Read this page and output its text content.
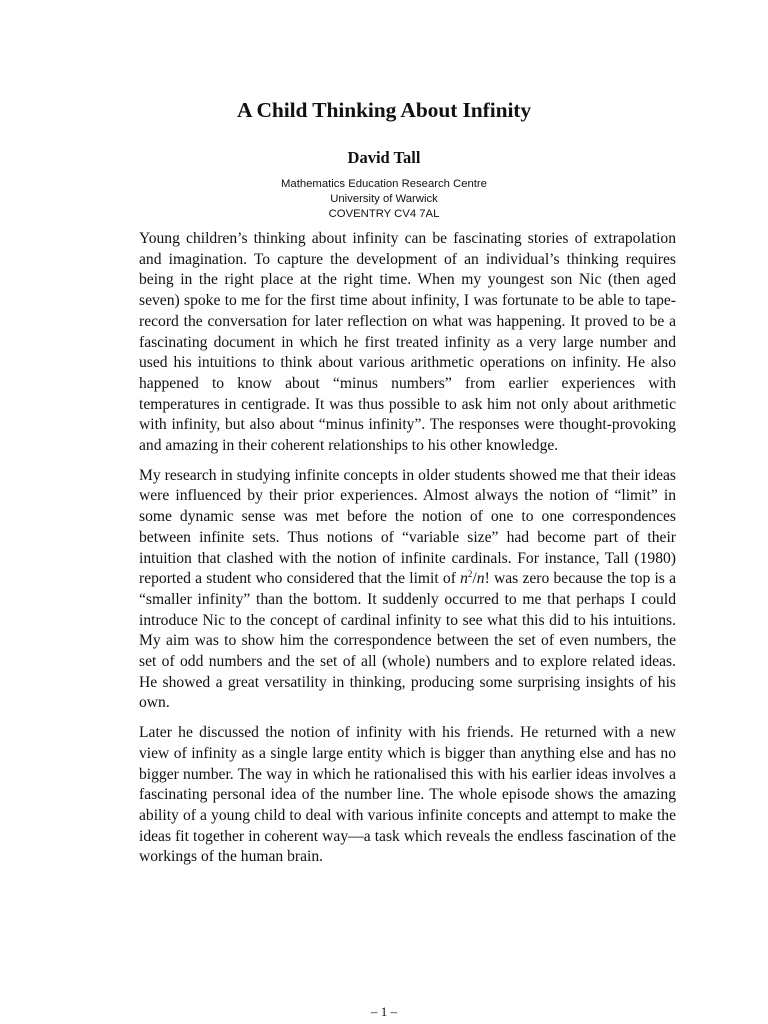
A Child Thinking About Infinity
David Tall
Mathematics Education Research Centre
University of Warwick
COVENTRY CV4 7AL

Young children’s thinking about infinity can be fascinating stories of extrapolation and imagination. To capture the development of an individual’s thinking requires being in the right place at the right time. When my youngest son Nic (then aged seven) spoke to me for the first time about infinity, I was fortunate to be able to tape-record the conversation for later reflection on what was happening. It proved to be a fascinating document in which he first treated infinity as a very large number and used his intuitions to think about various arithmetic operations on infinity. He also happened to know about “minus numbers” from earlier experiences with temperatures in centigrade. It was thus possible to ask him not only about arithmetic with infinity, but also about “minus infinity”. The responses were thought-provoking and amazing in their coherent relationships to his other knowledge.

My research in studying infinite concepts in older students showed me that their ideas were influenced by their prior experiences. Almost always the notion of “limit” in some dynamic sense was met before the notion of one to one correspondences between infinite sets. Thus notions of “variable size” had become part of their intuition that clashed with the notion of infinite cardinals. For instance, Tall (1980) reported a student who considered that the limit of $n^2/n$! was zero because the top is a “smaller infinity” than the bottom. It suddenly occurred to me that perhaps I could introduce Nic to the concept of cardinal infinity to see what this did to his intuitions. My aim was to show him the correspondence between the set of even numbers, the set of odd numbers and the set of all (whole) numbers and to explore related ideas. He showed a great versatility in thinking, producing some surprising insights of his own.

Later he discussed the notion of infinity with his friends. He returned with a new view of infinity as a single large entity which is bigger than anything else and has no bigger number. The way in which he rationalised this with his earlier ideas involves a fascinating personal idea of the number line. The whole episode shows the amazing ability of a young child to deal with various infinite concepts and attempt to make the ideas fit together in coherent way—a task which reveals the endless fascination of the workings of the human brain.

– 1 –
